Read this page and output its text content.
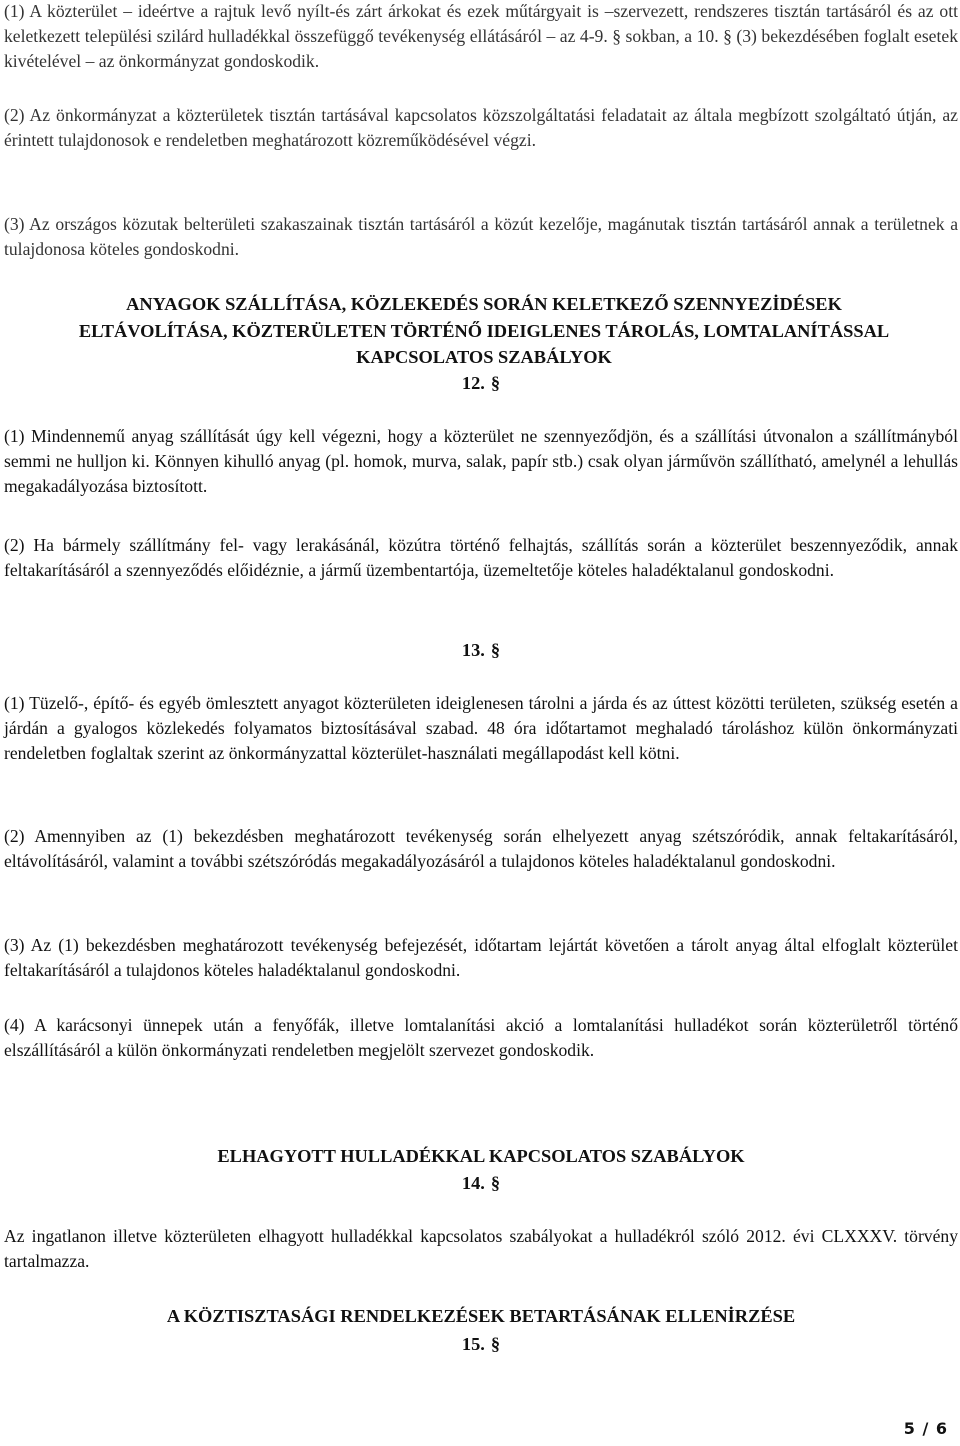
(1) A közterület – ideértve a rajtuk levő nyílt-és zárt árkokat és ezek műtárgyait is –szervezett, rendszeres tisztán tartásáról és az ott keletkezett települési szilárd hulladékkal összefüggő tevékenység ellátásáról – az 4-9. § sokban, a 10. § (3) bekezdésében foglalt esetek kivételével – az önkormányzat gondoskodik.

(2) Az önkormányzat a közterületek tisztán tartásával kapcsolatos közszolgáltatási feladatait az általa megbízott szolgáltató útján, az érintett tulajdonosok e rendeletben meghatározott közreműködésével végzi.

(3) Az országos közutak belterületi szakaszainak tisztán tartásáról a közút kezelője, magánutak tisztán tartásáról annak a területnek a tulajdonosa köteles gondoskodni.

ANYAGOK SZÁLLÍTÁSA, KÖZLEKEDÉS SORÁN KELETKEZŐ SZENNYEZİDÉSEK ELTÁVOLÍTÁSA, KÖZTERÜLETEN TÖRTÉNŐ IDEIGLENES TÁROLÁS, LOMTALANÍTÁSSAL KAPCSOLATOS SZABÁLYOK

12. §

(1) Mindennemű anyag szállítását úgy kell végezni, hogy a közterület ne szennyeződjön, és a szállítási útvonalon a szállítmányból semmi ne hulljon ki. Könnyen kihulló anyag (pl. homok, murva, salak, papír stb.) csak olyan járművön szállítható, amelynél a lehullás megakadályozása biztosított.

(2) Ha bármely szállítmány fel- vagy lerakásánál, közútra történő felhajtás, szállítás során a közterület beszennyeződik, annak feltakarításáról a szennyeződés előidéznie, a jármű üzembentartója, üzemeltetője köteles haladéktalanul gondoskodni.

13. §

(1) Tüzelő-, építő- és egyéb ömlesztett anyagot közterületen ideiglenesen tárolni a járda és az úttest közötti területen, szükség esetén a járdán a gyalogos közlekedés folyamatos biztosításával szabad. 48 óra időtartamot meghaladó tároláshoz külön önkormányzati rendeletben foglaltak szerint az önkormányzattal közterület-használati megállapodást kell kötni.

(2) Amennyiben az (1) bekezdésben meghatározott tevékenység során elhelyezett anyag szétszóródik, annak feltakarításáról, eltávolításáról, valamint a további szétszóródás megakadályozásáról a tulajdonos köteles haladéktalanul gondoskodni.

(3) Az (1) bekezdésben meghatározott tevékenység befejezését, időtartam lejártát követően a tárolt anyag által elfoglalt közterület feltakarításáról a tulajdonos köteles haladéktalanul gondoskodni.

(4) A karácsonyi ünnepek után a fenyőfák, illetve lomtalanítási akció a lomtalanítási hulladékot során közterületről történő elszállításáról a külön önkormányzati rendeletben megjelölt szervezet gondoskodik.

ELHAGYOTT HULLADÉKKAL KAPCSOLATOS SZABÁLYOK

14. §

Az ingatlanon illetve közterületen elhagyott hulladékkal kapcsolatos szabályokat a hulladékról szóló 2012. évi CLXXXV. törvény tartalmazza.

A KÖZTISZTASÁGI RENDELKEZÉSEK BETARTÁSÁNAK ELLENİRZÉSE

15. §

5 / 6
